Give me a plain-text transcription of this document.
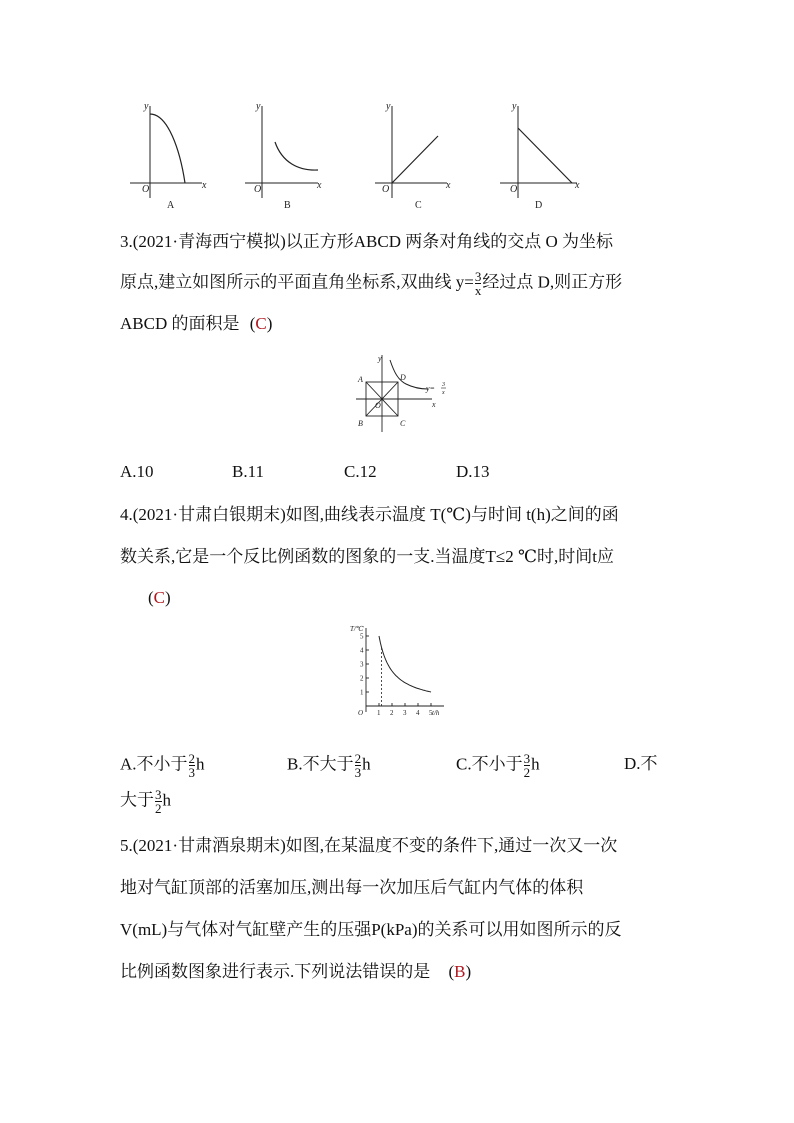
y
x
O
y
x
O
y
x
O
y
x
O
A	B	C	D
3.(2021·青海西宁模拟)以正方形ABCD 两条对角线的交点 O 为坐标
原点,建立如图所示的平面直角坐标系,双曲线 $y= \frac{3}{x}$ 经过点 D,则正方形
ABCD 的面积是 (C)
y
x
A
B	C
D
O
y= 3
x
A.10	B.11	C.12	D.13
4.(2021·甘肃白银期末)如图,曲线表示温度 T(℃)与时间 t(h)之间的函
数关系,它是一个反比例函数的图象的一支.当温度T≤2 ℃时,时间t应
(C)
T/℃
t/h
O
1
2
3
4
5
1 2 3 4 5
A.不小于 $\frac{2}{3}$ h	B.不大于 $\frac{2}{3}$ h	C.不小于 $\frac{3}{2}$ h	D.不
大于 $\frac{3}{2}$ h
5.(2021·甘肃酒泉期末)如图,在某温度不变的条件下,通过一次又一次
地对气缸顶部的活塞加压,测出每一次加压后气缸内气体的体积
V(mL)与气体对气缸壁产生的压强P(kPa)的关系可以用如图所示的反
比例函数图象进行表示.下列说法错误的是 (B)
